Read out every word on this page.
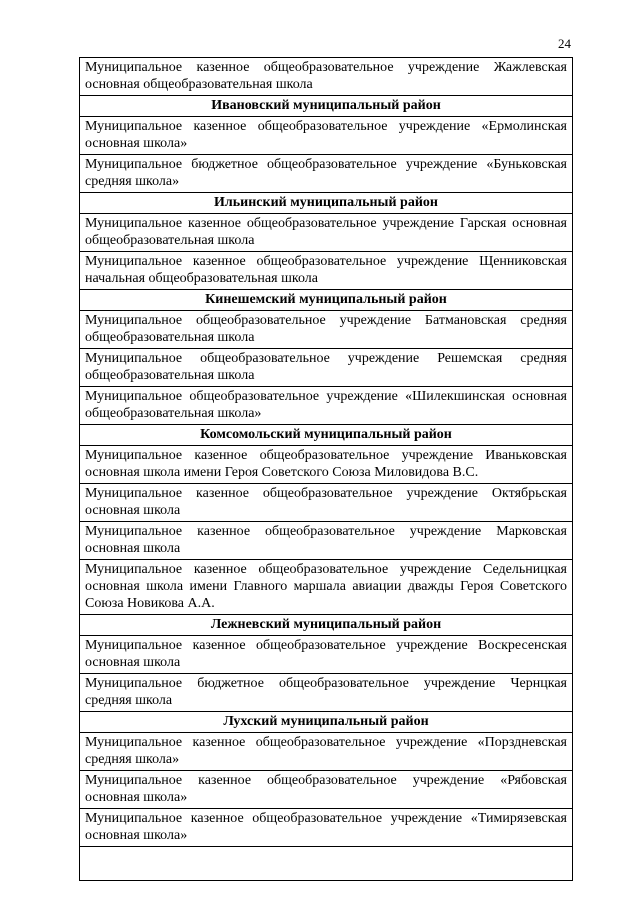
24
Муниципальное казенное общеобразовательное учреждение Жажлевская основная общеобразовательная школа
Ивановский муниципальный район
Муниципальное казенное общеобразовательное учреждение «Ермолинская основная школа»
Муниципальное бюджетное общеобразовательное учреждение «Буньковская средняя школа»
Ильинский муниципальный район
Муниципальное казенное общеобразовательное учреждение Гарская основная общеобразовательная школа
Муниципальное казенное общеобразовательное учреждение Щенниковская начальная общеобразовательная школа
Кинешемский муниципальный район
Муниципальное общеобразовательное учреждение Батмановская средняя общеобразовательная школа
Муниципальное общеобразовательное учреждение Решемская средняя общеобразовательная школа
Муниципальное общеобразовательное учреждение «Шилекшинская основная общеобразовательная школа»
Комсомольский муниципальный район
Муниципальное казенное общеобразовательное учреждение Иваньковская основная школа имени Героя Советского Союза Миловидова В.С.
Муниципальное казенное общеобразовательное учреждение Октябрьская основная школа
Муниципальное казенное общеобразовательное учреждение Марковская основная школа
Муниципальное казенное общеобразовательное учреждение Седельницкая основная школа имени Главного маршала авиации дважды Героя Советского Союза Новикова А.А.
Лежневский муниципальный район
Муниципальное казенное общеобразовательное учреждение Воскресенская основная школа
Муниципальное бюджетное общеобразовательное учреждение Чернцкая средняя школа
Лухский муниципальный район
Муниципальное казенное общеобразовательное учреждение «Порздневская средняя школа»
Муниципальное казенное общеобразовательное учреждение «Рябовская основная школа»
Муниципальное казенное общеобразовательное учреждение «Тимирязевская основная школа»
